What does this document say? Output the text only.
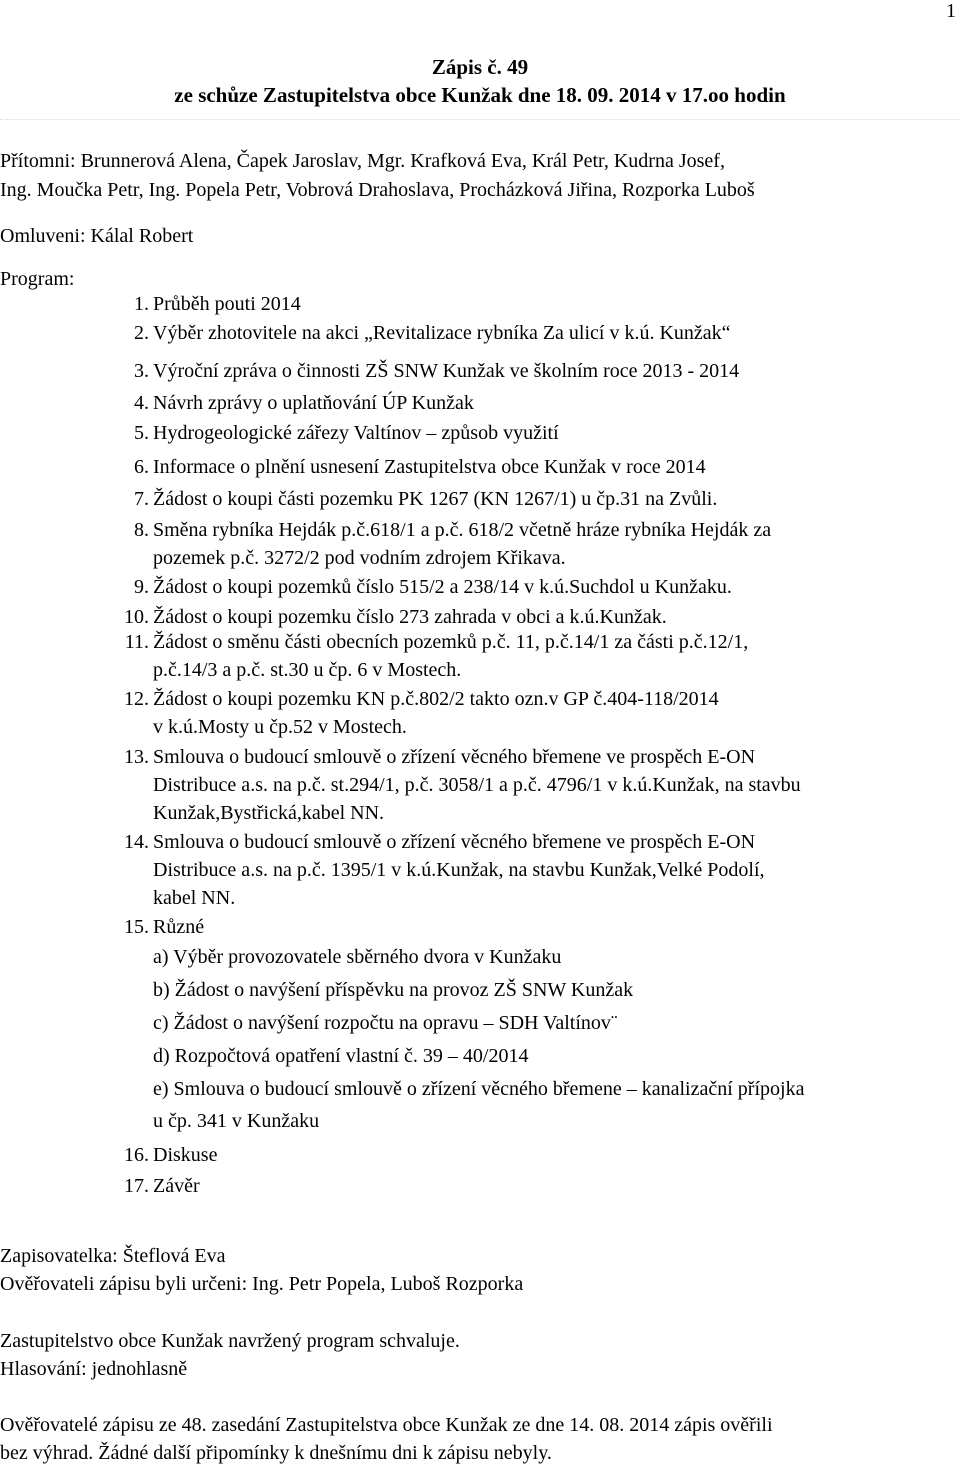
1
Zápis č. 49
ze schůze Zastupitelstva obce Kunžak dne 18. 09. 2014 v 17.oo hodin
Přítomni: Brunnerová Alena, Čapek Jaroslav, Mgr. Krafková Eva, Král Petr, Kudrna Josef,
Ing. Moučka Petr, Ing. Popela Petr, Vobrová Drahoslava, Procházková Jiřina, Rozporka Luboš
Omluveni: Kálal Robert
Program:
1. Průběh pouti 2014
2. Výběr zhotovitele na akci „Revitalizace rybníka Za ulicí v k.ú. Kunžak“
3. Výroční zpráva o činnosti ZŠ SNW Kunžak ve školním roce 2013 - 2014
4. Návrh zprávy o uplatňování ÚP Kunžak
5. Hydrogeologické zářezy Valtínov – způsob využití
6. Informace o plnění usnesení Zastupitelstva obce Kunžak v roce 2014
7. Žádost o koupi části pozemku PK 1267 (KN 1267/1) u čp.31 na Zvůli.
8. Směna rybníka Hejdák p.č.618/1 a p.č. 618/2 včetně hráze rybníka Hejdák za
pozemek p.č. 3272/2 pod vodním zdrojem Křikava.
9. Žádost o koupi pozemků číslo 515/2 a 238/14 v k.ú.Suchdol u Kunžaku.
10. Žádost o koupi pozemku číslo 273 zahrada v obci a k.ú.Kunžak.
11. Žádost o směnu části obecních pozemků p.č. 11, p.č.14/1 za části p.č.12/1,
p.č.14/3 a p.č. st.30 u čp. 6 v Mostech.
12. Žádost o koupi pozemku KN p.č.802/2 takto ozn.v GP č.404-118/2014
v k.ú.Mosty u čp.52 v Mostech.
13. Smlouva o budoucí smlouvě o zřízení věcného břemene ve prospěch E-ON
Distribuce a.s. na p.č. st.294/1, p.č. 3058/1 a p.č. 4796/1 v k.ú.Kunžak, na stavbu
Kunžak,Bystřická,kabel NN.
14. Smlouva o budoucí smlouvě o zřízení věcného břemene ve prospěch E-ON
Distribuce a.s. na p.č. 1395/1 v k.ú.Kunžak, na stavbu Kunžak,Velké Podolí,
kabel NN.
15. Různé
16. Diskuse
17. Závěr
a) Výběr provozovatele sběrného dvora v Kunžaku
b) Žádost o navýšení příspěvku na provoz ZŠ SNW Kunžak
c) Žádost o navýšení rozpočtu na opravu – SDH Valtínov¨
d) Rozpočtová opatření vlastní č. 39 – 40/2014
e) Smlouva o budoucí smlouvě o zřízení věcného břemene – kanalizační přípojka
u čp. 341 v Kunžaku
Zapisovatelka: Šteflová Eva
Ověřovateli zápisu byli určeni: Ing. Petr Popela, Luboš Rozporka
Zastupitelstvo obce Kunžak navržený program schvaluje.
Hlasování: jednohlasně
Ověřovatelé zápisu ze 48. zasedání Zastupitelstva obce Kunžak ze dne 14. 08. 2014 zápis ověřili
bez výhrad. Žádné další připomínky k dnešnímu dni k zápisu nebyly.
